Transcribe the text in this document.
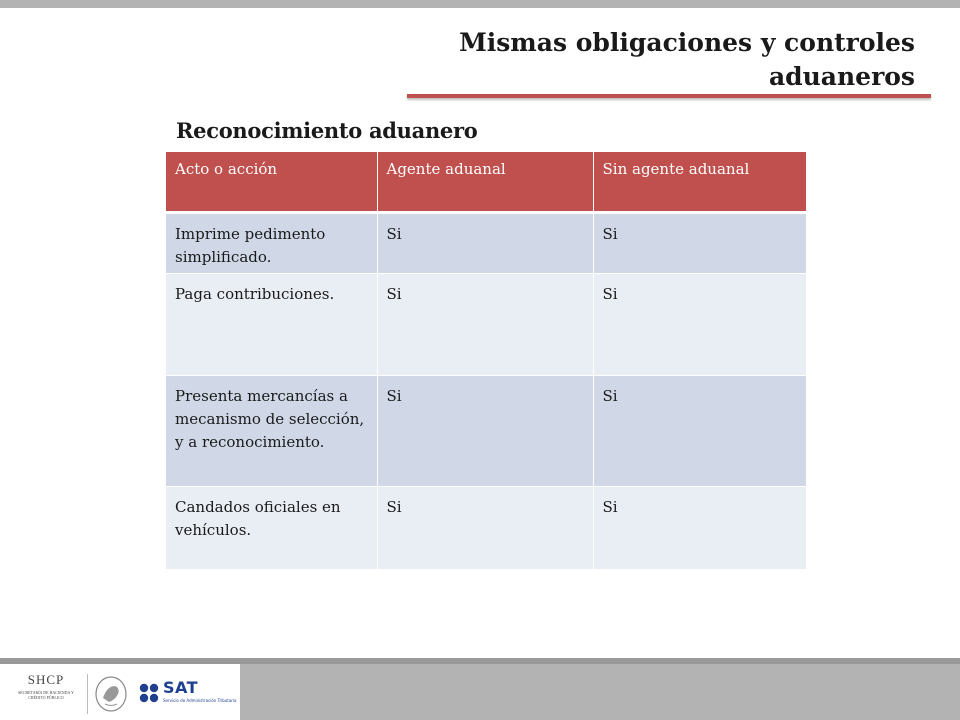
Mismas obligaciones y controles aduaneros
Reconocimiento aduanero
Acto o acción	Agente aduanal	Sin agente aduanal
Imprime pedimento simplificado.	Si	Si
Paga contribuciones.	Si	Si
Presenta mercancías a mecanismo de selección, y a reconocimiento.	Si	Si
Candados oficiales en vehículos.	Si	Si
SHCP
SECRETARÍA DE HACIENDA Y CRÉDITO PÚBLICO
SAT
Servicio de Administración Tributaria
